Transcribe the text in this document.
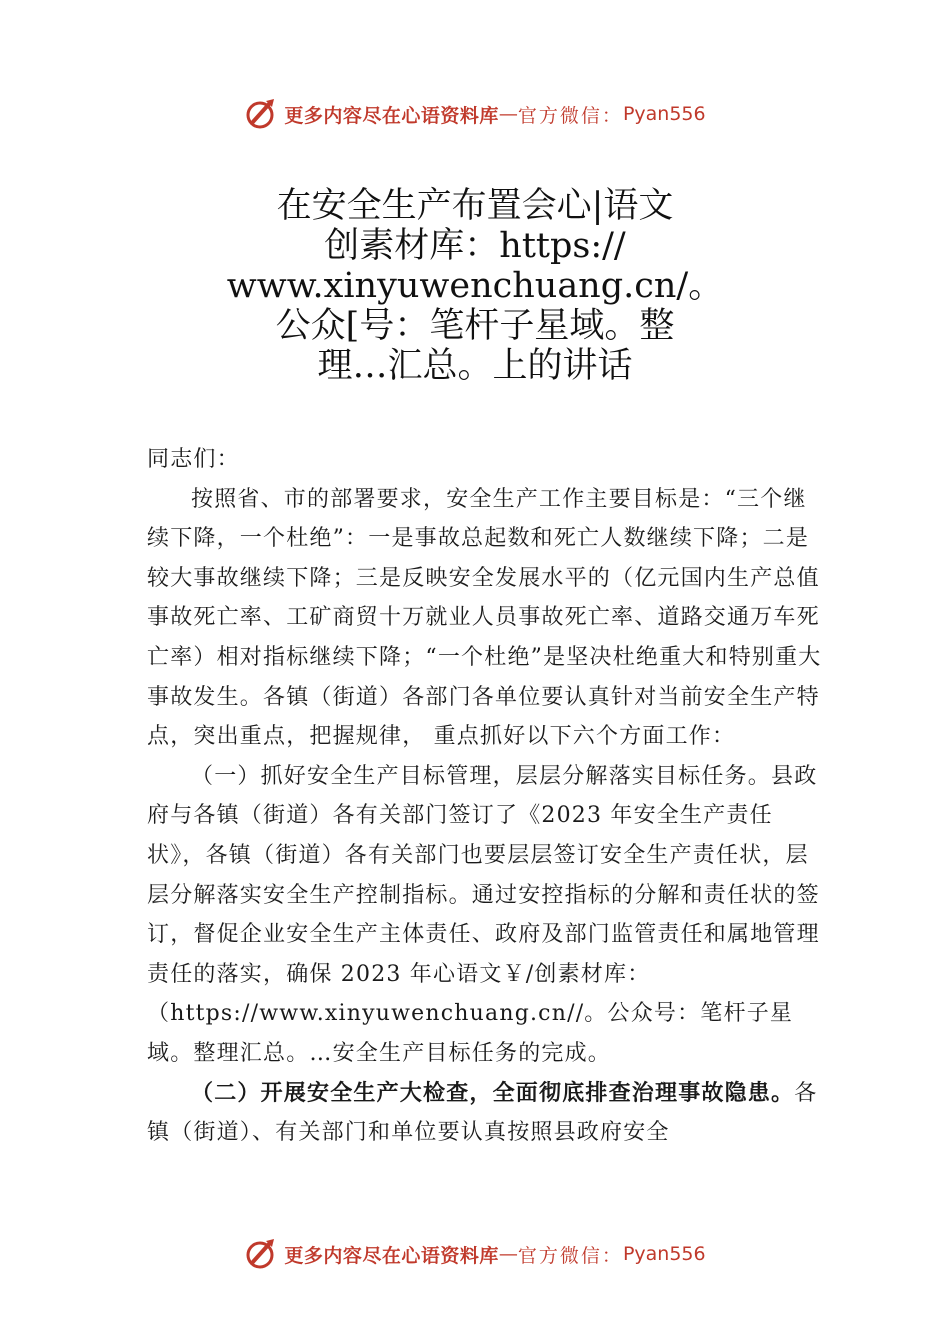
更多内容尽在心语资料库 — 官方微信： Pyan556
在安全生产布置会心|语文
创素材库：https://
www.xinyuwenchuang.cn/。
公众[号：笔杆子星域。整
理…汇总。上的讲话

同志们：

按照省、市的部署要求，安全生产工作主要目标是：“三个继续下降，一个杜绝”：一是事故总起数和死亡人数继续下降；二是较大事故继续下降；三是反映安全发展水平的（亿元国内生产总值事故死亡率、工矿商贸十万就业人员事故死亡率、道路交通万车死亡率）相对指标继续下降；“一个杜绝”是坚决杜绝重大和特别重大事故发生。各镇（街道）各部门各单位要认真针对当前安全生产特点，突出重点，把握规律， 重点抓好以下六个方面工作：

（一）抓好安全生产目标管理，层层分解落实目标任务。县政府与各镇（街道）各有关部门签订了《2023 年安全生产责任状》，各镇（街道）各有关部门也要层层签订安全生产责任状，层层分解落实安全生产控制指标。通过安控指标的分解和责任状的签订，督促企业安全生产主体责任、政府及部门监管责任和属地管理责任的落实，确保 2023 年心语文￥/创素材库：（https://www.xinyuwenchuang.cn//。公众号：笔杆子星域。整理汇总。…安全生产目标任务的完成。

（二）开展安全生产大检查，全面彻底排查治理事故隐患。各镇（街道）、有关部门和单位要认真按照县政府安全

更多内容尽在心语资料库 — 官方微信： Pyan556
